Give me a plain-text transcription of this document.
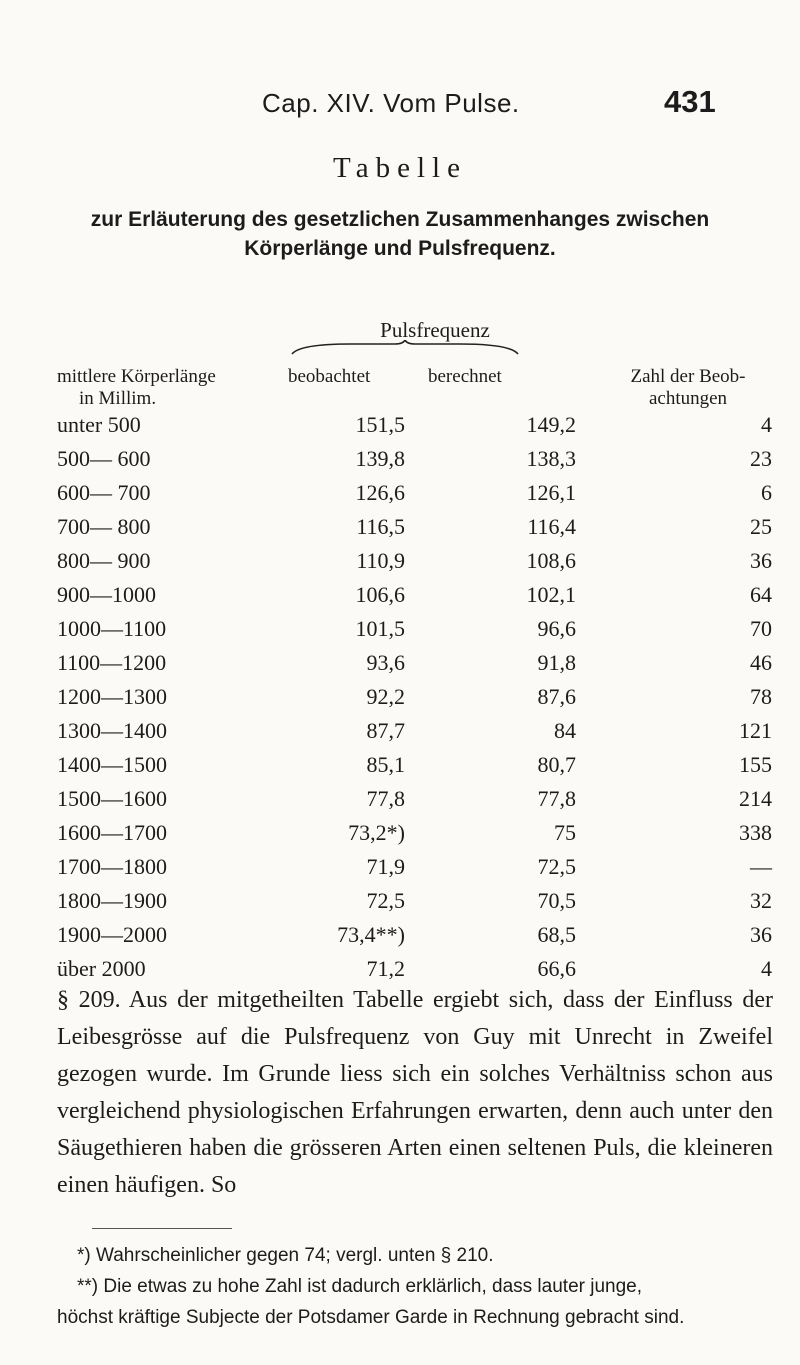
Cap. XIV. Vom Pulse.	431
Tabelle
zur Erläuterung des gesetzlichen Zusammenhanges zwischen
Körperlänge und Pulsfrequenz.
Pulsfrequenz
mittlere Körperlänge
in Millim.
beobachtet	berechnet	Zahl der Beob-
achtungen
unter 500	151,5	149,2	4
500— 600	139,8	138,3	23
600— 700	126,6	126,1	6
700— 800	116,5	116,4	25
800— 900	110,9	108,6	36
900—1000	106,6	102,1	64
1000—1100	101,5	96,6	70
1100—1200	93,6	91,8	46
1200—1300	92,2	87,6	78
1300—1400	87,7	84	121
1400—1500	85,1	80,7	155
1500—1600	77,8	77,8	214
1600—1700	73,2*)	75	338
1700—1800	71,9	72,5	—
1800—1900	72,5	70,5	32
1900—2000	73,4**)	68,5	36
über 2000	71,2	66,6	4
§ 209. Aus der mitgetheilten Tabelle ergiebt sich, dass der Einfluss der Leibesgrösse auf die Pulsfrequenz von Guy mit Unrecht in Zweifel gezogen wurde. Im Grunde liess sich ein solches Verhältniss schon aus vergleichend physiologischen Erfahrungen erwarten, denn auch unter den Säugethieren haben die grösseren Arten einen seltenen Puls, die kleineren einen häufigen. So
*) Wahrscheinlicher gegen 74; vergl. unten § 210.
**) Die etwas zu hohe Zahl ist dadurch erklärlich, dass lauter junge,
höchst kräftige Subjecte der Potsdamer Garde in Rechnung gebracht sind.
